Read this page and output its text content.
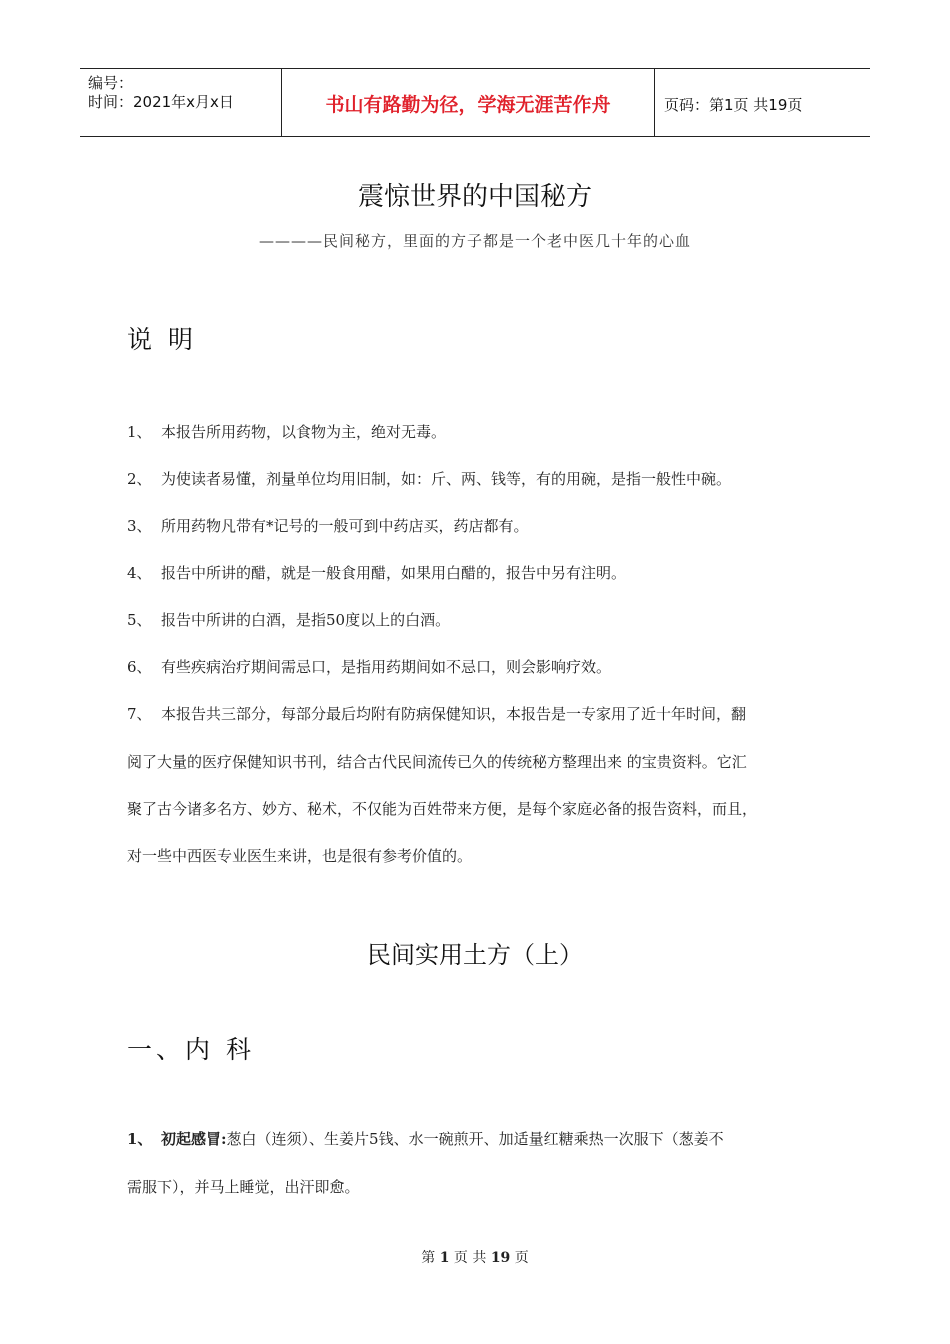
编号：
时间：2021年x月x日	书山有路勤为径，学海无涯苦作舟	页码：第1页 共19页
震惊世界的中国秘方
————民间秘方，里面的方子都是一个老中医几十年的心血
说 明
1、 本报告所用药物，以食物为主，绝对无毒。
2、 为使读者易懂，剂量单位均用旧制，如：斤、两、钱等，有的用碗，是指一般性中碗。
3、 所用药物凡带有*记号的一般可到中药店买，药店都有。
4、 报告中所讲的醋，就是一般食用醋，如果用白醋的，报告中另有注明。
5、 报告中所讲的白酒，是指50度以上的白酒。
6、 有些疾病治疗期间需忌口，是指用药期间如不忌口，则会影响疗效。
7、 本报告共三部分，每部分最后均附有防病保健知识，本报告是一专家用了近十年时间，翻
阅了大量的医疗保健知识书刊，结合古代民间流传已久的传统秘方整理出来 的宝贵资料。它汇
聚了古今诸多名方、妙方、秘术，不仅能为百姓带来方便，是每个家庭必备的报告资料，而且，
对一些中西医专业医生来讲，也是很有参考价值的。
民间实用土方（上）
一、内 科
1、 初起感冒:葱白（连须）、生姜片5钱、水一碗煎开、加适量红糖乘热一次服下（葱姜不
需服下），并马上睡觉，出汗即愈。
第 1 页 共 19 页
